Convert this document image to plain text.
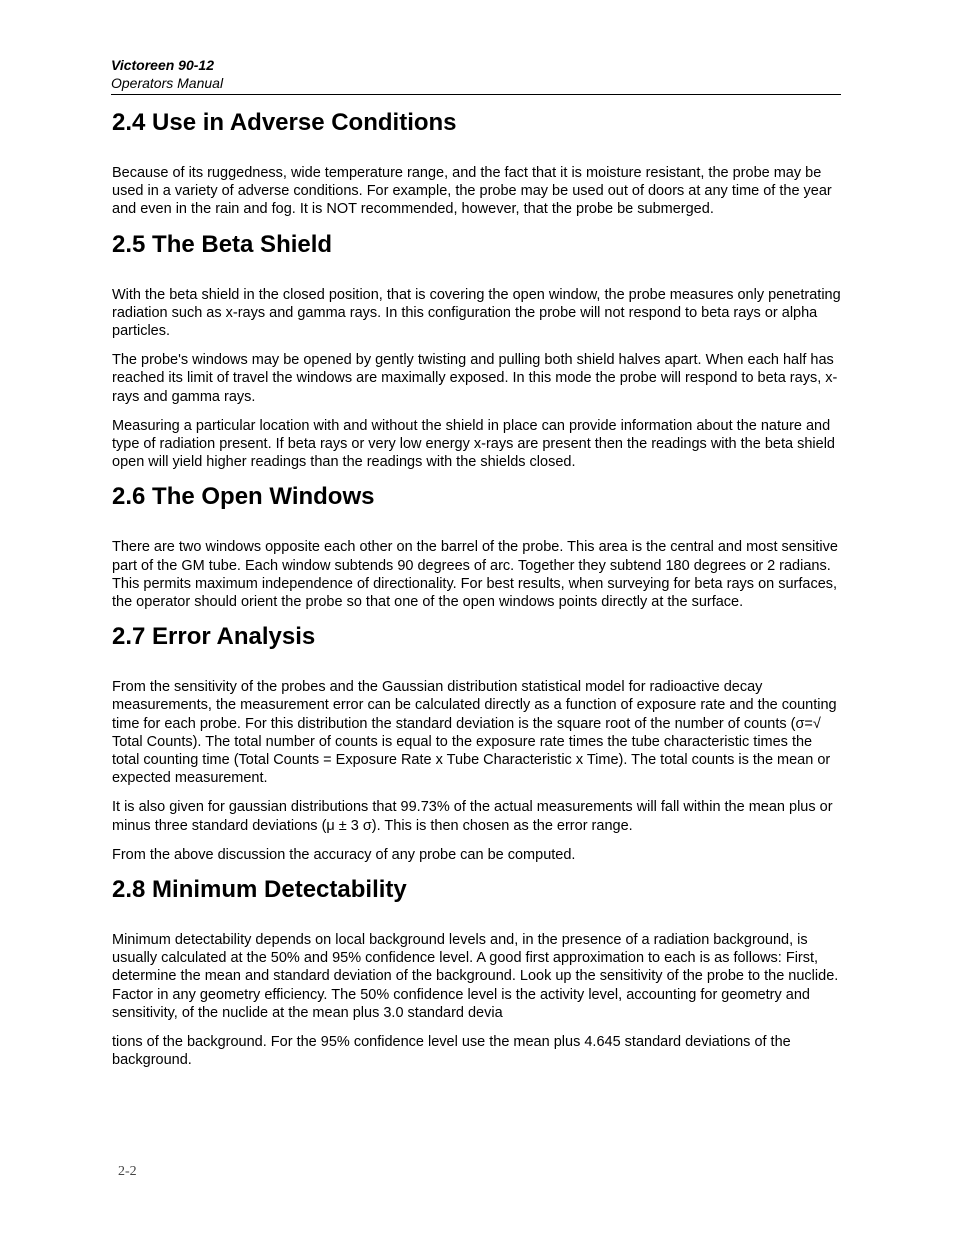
Victoreen 90-12
Operators Manual
2.4 Use in Adverse Conditions

Because of its ruggedness, wide temperature range, and the fact that it is moisture resistant, the probe may be used in a variety of adverse conditions. For example, the probe may be used out of doors at any time of the year and even in the rain and fog. It is NOT recommended, however, that the probe be submerged.

2.5 The Beta Shield

With the beta shield in the closed position, that is covering the open window, the probe measures only penetrating radiation such as x-rays and gamma rays. In this configuration the probe will not respond to beta rays or alpha particles.

The probe's windows may be opened by gently twisting and pulling both shield halves apart. When each half has reached its limit of travel the windows are maximally exposed. In this mode the probe will respond to beta rays, x-rays and gamma rays.

Measuring a particular location with and without the shield in place can provide information about the nature and type of radiation present. If beta rays or very low energy x-rays are present then the readings with the beta shield open will yield higher readings than the readings with the shields closed.

2.6 The Open Windows

There are two windows opposite each other on the barrel of the probe. This area is the central and most sensitive part of the GM tube. Each window subtends 90 degrees of arc. Together they subtend 180 degrees or 2 radians. This permits maximum independence of directionality. For best results, when surveying for beta rays on surfaces, the operator should orient the probe so that one of the open windows points directly at the surface.

2.7 Error Analysis

From the sensitivity of the probes and the Gaussian distribution statistical model for radioactive decay measurements, the measurement error can be calculated directly as a function of exposure rate and the counting time for each probe. For this distribution the standard deviation is the square root of the number of counts (σ=√ Total Counts). The total number of counts is equal to the exposure rate times the tube characteristic times the total counting time (Total Counts = Exposure Rate x Tube Characteristic x Time). The total counts is the mean or expected measurement.

It is also given for gaussian distributions that 99.73% of the actual measurements will fall within the mean plus or minus three standard deviations (μ ± 3 σ). This is then chosen as the error range.

From the above discussion the accuracy of any probe can be computed.

2.8 Minimum Detectability

Minimum detectability depends on local background levels and, in the presence of a radiation background, is usually calculated at the 50% and 95% confidence level. A good first approximation to each is as follows: First, determine the mean and standard deviation of the background. Look up the sensitivity of the probe to the nuclide. Factor in any geometry efficiency. The 50% confidence level is the activity level, accounting for geometry and sensitivity, of the nuclide at the mean plus 3.0 standard devia

tions of the background. For the 95% confidence level use the mean plus 4.645 standard deviations of the background.

2-2
